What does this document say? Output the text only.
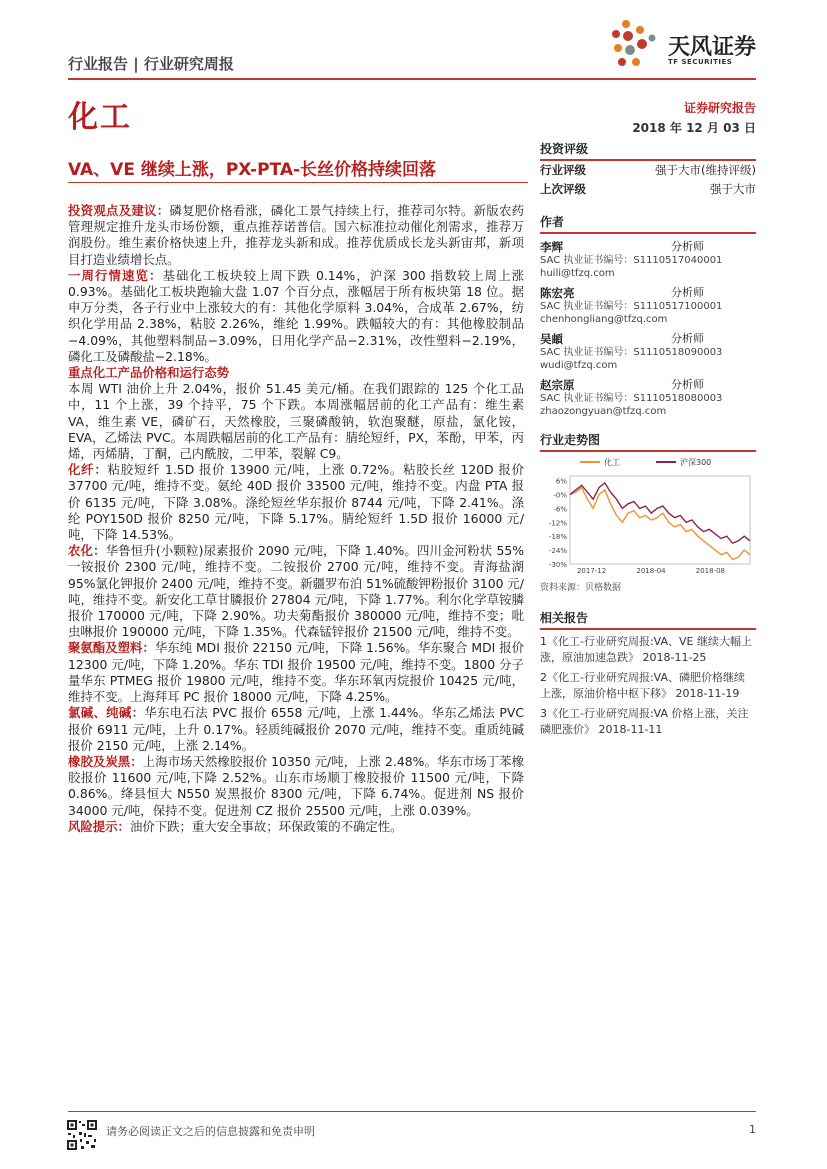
行业报告 | 行业研究周报
化工
天风证券
TF SECURITIES
证券研究报告
2018 年 12 月 03 日
VA、VE 继续上涨，PX-PTA-长丝价格持续回落

投资观点及建议：磷复肥价格看涨，磷化工景气持续上行，推荐司尔特。新版农药管理规定推升龙头市场份额，重点推荐诺普信。国六标准拉动催化剂需求，推荐万润股份。维生素价格快速上升，推荐龙头新和成。推荐优质成长龙头新宙邦，新项目打造业绩增长点。

一周行情速览：基础化工板块较上周下跌 0.14%，沪深 300 指数较上周上涨 0.93%。基础化工板块跑输大盘 1.07 个百分点，涨幅居于所有板块第 18 位。据申万分类，各子行业中上涨较大的有：其他化学原料 3.04%，合成革 2.67%，纺织化学用品 2.38%，粘胶 2.26%，维纶 1.99%。跌幅较大的有：其他橡胶制品−4.09%，其他塑料制品−3.09%，日用化学产品−2.31%，改性塑料−2.19%，磷化工及磷酸盐−2.18%。

重点化工产品价格和运行态势

本周 WTI 油价上升 2.04%，报价 51.45 美元/桶。在我们跟踪的 125 个化工品中，11 个上涨，39 个持平，75 个下跌。本周涨幅居前的化工产品有：维生素 VA，维生素 VE，磷矿石，天然橡胶，三聚磷酸钠，软泡聚醚，原盐，氯化铵，EVA，乙烯法 PVC。本周跌幅居前的化工产品有：腈纶短纤，PX，苯酚，甲苯，丙烯，丙烯腈，丁酮，己内酰胺，二甲苯，裂解 C9。

化纤：粘胶短纤 1.5D 报价 13900 元/吨，上涨 0.72%。粘胶长丝 120D 报价 37700 元/吨，维持不变。氨纶 40D 报价 33500 元/吨，维持不变。内盘 PTA 报价 6135 元/吨，下降 3.08%。涤纶短丝华东报价 8744 元/吨，下降 2.41%。涤纶 POY150D 报价 8250 元/吨，下降 5.17%。腈纶短纤 1.5D 报价 16000 元/吨，下降 14.53%。

农化：华鲁恒升(小颗粒)尿素报价 2090 元/吨，下降 1.40%。四川金河粉状 55%一铵报价 2300 元/吨，维持不变。二铵报价 2700 元/吨，维持不变。青海盐湖 95%氯化钾报价 2400 元/吨，维持不变。新疆罗布泊 51%硫酸钾粉报价 3100 元/吨，维持不变。新安化工草甘膦报价 27804 元/吨，下降 1.77%。利尔化学草铵膦报价 170000 元/吨，下降 2.90%。功夫菊酯报价 380000 元/吨，维持不变；吡虫啉报价 190000 元/吨，下降 1.35%。代森锰锌报价 21500 元/吨，维持不变。

聚氨酯及塑料：华东纯 MDI 报价 22150 元/吨，下降 1.56%。华东聚合 MDI 报价 12300 元/吨，下降 1.20%。华东 TDI 报价 19500 元/吨，维持不变。1800 分子量华东 PTMEG 报价 19800 元/吨，维持不变。华东环氧丙烷报价 10425 元/吨，维持不变。上海拜耳 PC 报价 18000 元/吨，下降 4.25%。

氯碱、纯碱：华东电石法 PVC 报价 6558 元/吨，上涨 1.44%。华东乙烯法 PVC 报价 6911 元/吨，上升 0.17%。轻质纯碱报价 2070 元/吨，维持不变。重质纯碱报价 2150 元/吨，上涨 2.14%。

橡胶及炭黑：上海市场天然橡胶报价 10350 元/吨，上涨 2.48%。华东市场丁苯橡胶报价 11600 元/吨,下降 2.52%。山东市场顺丁橡胶报价 11500 元/吨，下降 0.86%。绛县恒大 N550 炭黑报价 8300 元/吨，下降 6.74%。促进剂 NS 报价 34000 元/吨，保持不变。促进剂 CZ 报价 25500 元/吨，上涨 0.039%。

风险提示：油价下跌；重大安全事故；环保政策的不确定性。

投资评级
行业评级	强于大市(维持评级)
上次评级	强于大市
作者
李辉	分析师
SAC 执业证书编号：S1110517040001
huili@tfzq.com
陈宏亮	分析师
SAC 执业证书编号：S1110517100001
chenhongliang@tfzq.com
吴頔	分析师
SAC 执业证书编号：S1110518090003
wudi@tfzq.com
赵宗原	分析师
SAC 执业证书编号：S1110518080003
zhaozongyuan@tfzq.com
行业走势图
6%
-0%
-6%
-12%
-18%
-24%
-30%
2017-12	2018-04	2018-08
化工	沪深300
资料来源：贝格数据
相关报告
1《化工-行业研究周报:VA、VE 继续大幅上涨，原油加速急跌》 2018-11-25
2《化工-行业研究周报:VA、磷肥价格继续上涨，原油价格中枢下移》 2018-11-19
3《化工-行业研究周报:VA 价格上涨，关注磷肥涨价》 2018-11-11
请务必阅读正文之后的信息披露和免责申明	1
